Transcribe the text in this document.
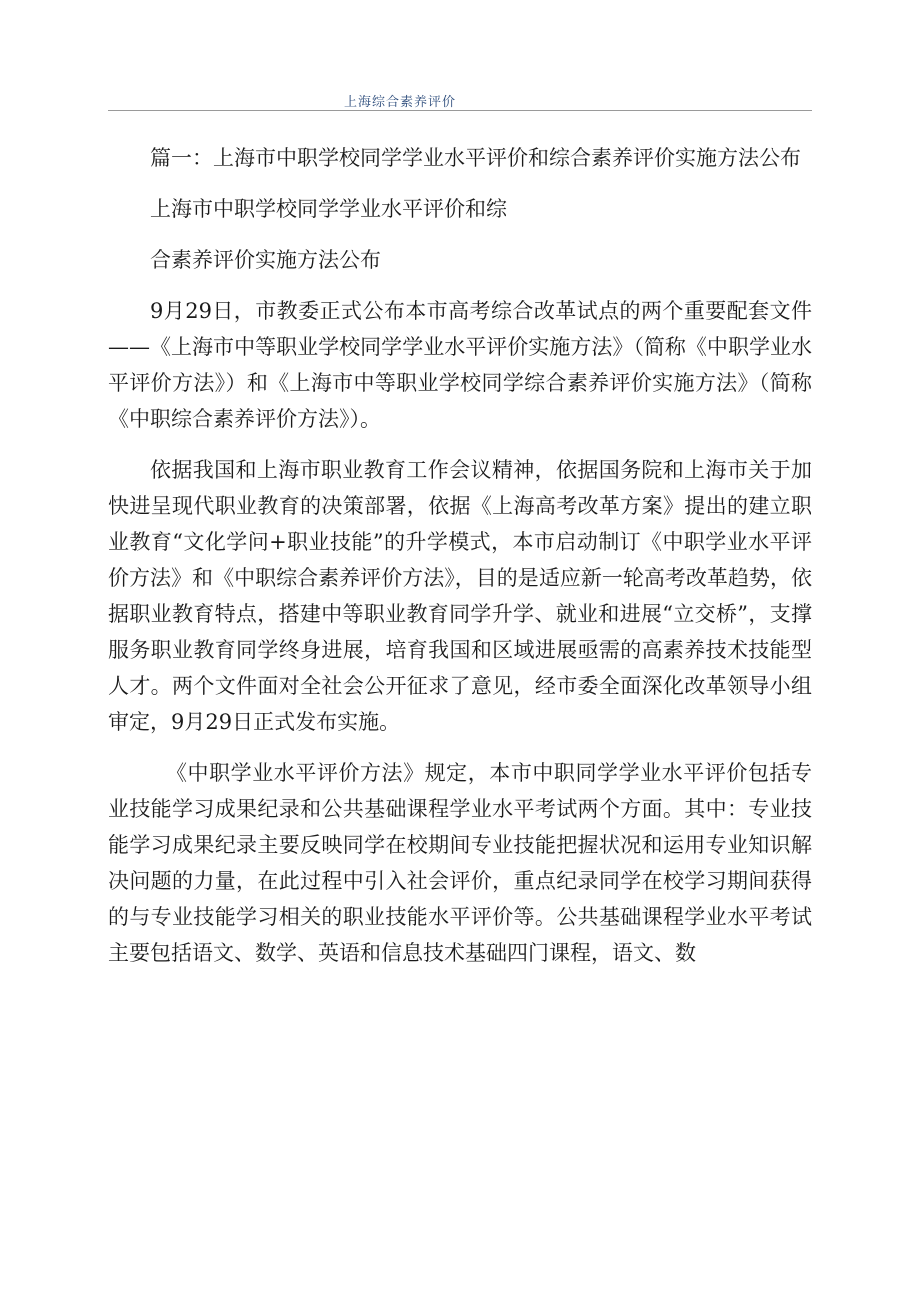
上海综合素养评价

篇一：上海市中职学校同学学业水平评价和综合素养评价实施方法公布

上海市中职学校同学学业水平评价和综

合素养评价实施方法公布

9月29日，市教委正式公布本市高考综合改革试点的两个重要配套文件——《上海市中等职业学校同学学业水平评价实施方法》（简称《中职学业水平评价方法》）和《上海市中等职业学校同学综合素养评价实施方法》（简称《中职综合素养评价方法》）。

依据我国和上海市职业教育工作会议精神，依据国务院和上海市关于加快进呈现代职业教育的决策部署，依据《上海高考改革方案》提出的建立职业教育“文化学问+职业技能”的升学模式，本市启动制订《中职学业水平评价方法》和《中职综合素养评价方法》，目的是适应新一轮高考改革趋势，依据职业教育特点，搭建中等职业教育同学升学、就业和进展“立交桥”，支撑服务职业教育同学终身进展，培育我国和区域进展亟需的高素养技术技能型人才。两个文件面对全社会公开征求了意见，经市委全面深化改革领导小组审定，9月29日正式发布实施。

《中职学业水平评价方法》规定，本市中职同学学业水平评价包括专业技能学习成果纪录和公共基础课程学业水平考试两个方面。其中：专业技能学习成果纪录主要反映同学在校期间专业技能把握状况和运用专业知识解决问题的力量，在此过程中引入社会评价，重点纪录同学在校学习期间获得的与专业技能学习相关的职业技能水平评价等。公共基础课程学业水平考试主要包括语文、数学、英语和信息技术基础四门课程，语文、数
